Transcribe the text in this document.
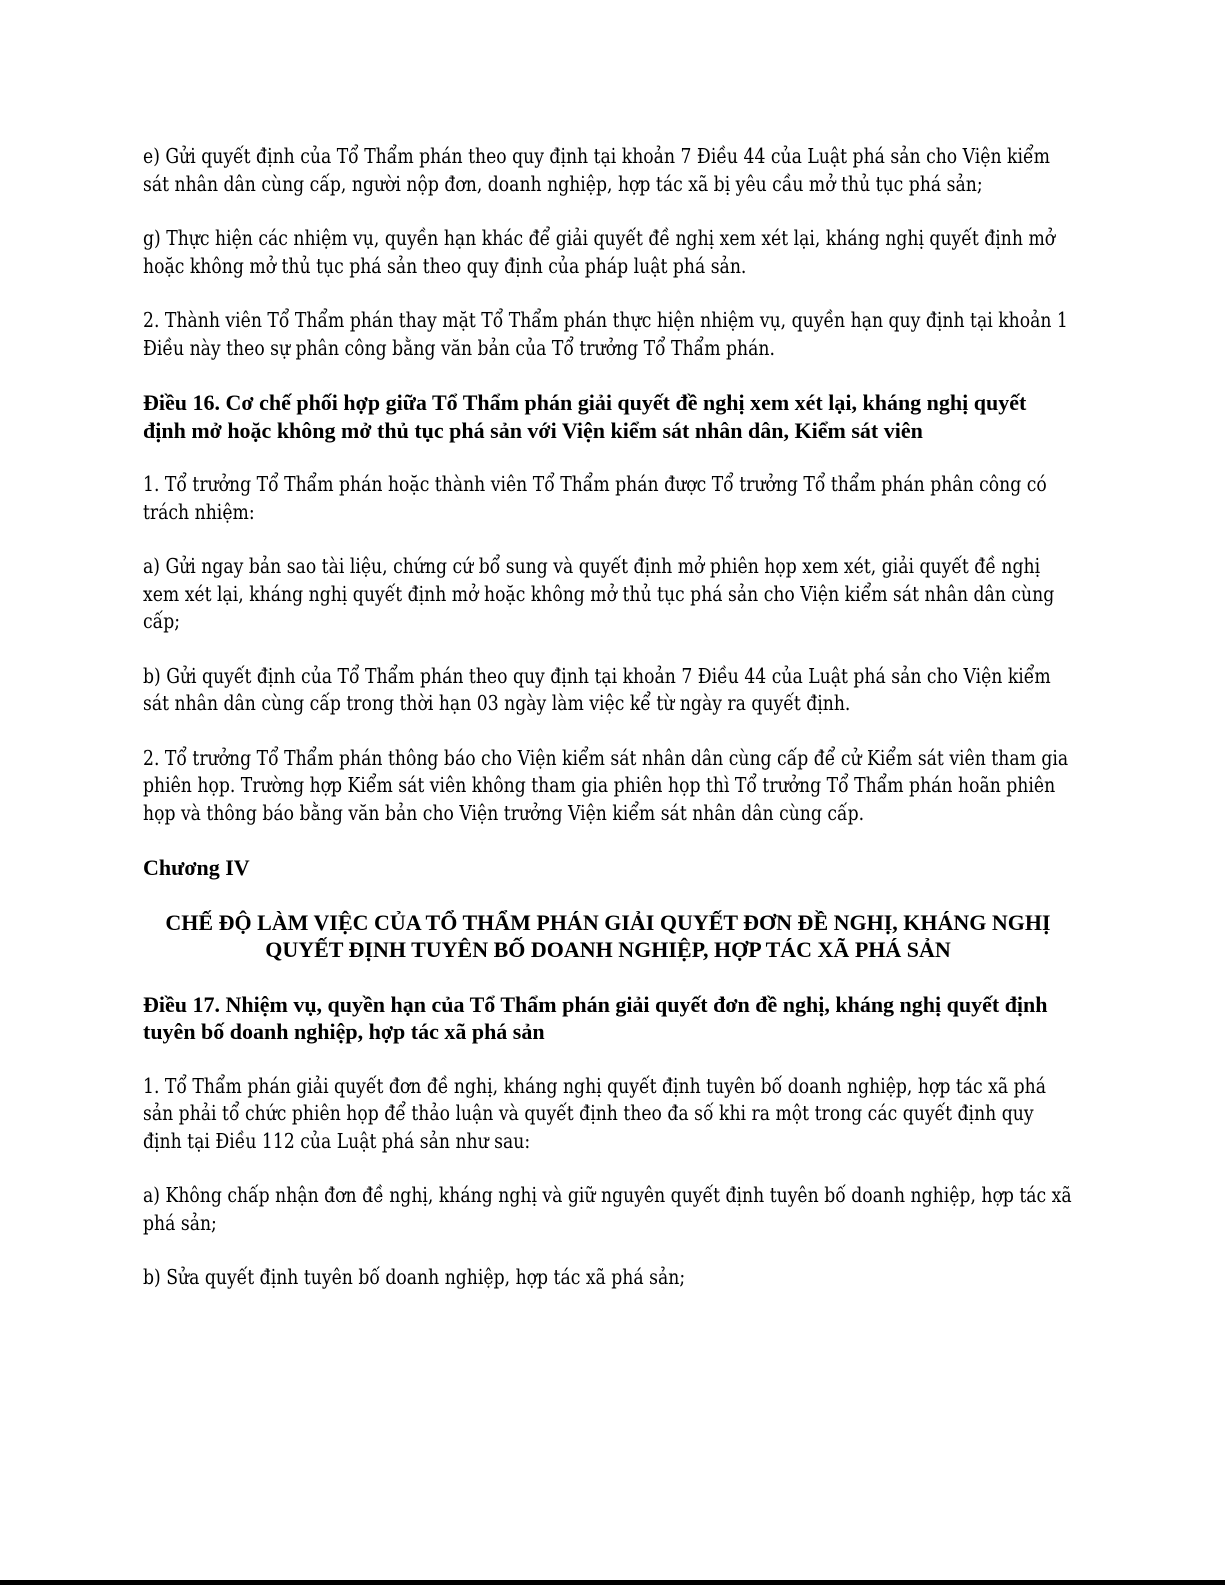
e) Gửi quyết định của Tổ Thẩm phán theo quy định tại khoản 7 Điều 44 của Luật phá sản cho Viện kiểm sát nhân dân cùng cấp, người nộp đơn, doanh nghiệp, hợp tác xã bị yêu cầu mở thủ tục phá sản;

g) Thực hiện các nhiệm vụ, quyền hạn khác để giải quyết đề nghị xem xét lại, kháng nghị quyết định mở hoặc không mở thủ tục phá sản theo quy định của pháp luật phá sản.

2. Thành viên Tổ Thẩm phán thay mặt Tổ Thẩm phán thực hiện nhiệm vụ, quyền hạn quy định tại khoản 1 Điều này theo sự phân công bằng văn bản của Tổ trưởng Tổ Thẩm phán.

Điều 16. Cơ chế phối hợp giữa Tổ Thẩm phán giải quyết đề nghị xem xét lại, kháng nghị quyết định mở hoặc không mở thủ tục phá sản với Viện kiểm sát nhân dân, Kiểm sát viên

1. Tổ trưởng Tổ Thẩm phán hoặc thành viên Tổ Thẩm phán được Tổ trưởng Tổ thẩm phán phân công có trách nhiệm:

a) Gửi ngay bản sao tài liệu, chứng cứ bổ sung và quyết định mở phiên họp xem xét, giải quyết đề nghị xem xét lại, kháng nghị quyết định mở hoặc không mở thủ tục phá sản cho Viện kiểm sát nhân dân cùng cấp;

b) Gửi quyết định của Tổ Thẩm phán theo quy định tại khoản 7 Điều 44 của Luật phá sản cho Viện kiểm sát nhân dân cùng cấp trong thời hạn 03 ngày làm việc kể từ ngày ra quyết định.

2. Tổ trưởng Tổ Thẩm phán thông báo cho Viện kiểm sát nhân dân cùng cấp để cử Kiểm sát viên tham gia phiên họp. Trường hợp Kiểm sát viên không tham gia phiên họp thì Tổ trưởng Tổ Thẩm phán hoãn phiên họp và thông báo bằng văn bản cho Viện trưởng Viện kiểm sát nhân dân cùng cấp.

Chương IV

CHẾ ĐỘ LÀM VIỆC CỦA TỔ THẨM PHÁN GIẢI QUYẾT ĐƠN ĐỀ NGHỊ, KHÁNG NGHỊ QUYẾT ĐỊNH TUYÊN BỐ DOANH NGHIỆP, HỢP TÁC XÃ PHÁ SẢN

Điều 17. Nhiệm vụ, quyền hạn của Tổ Thẩm phán giải quyết đơn đề nghị, kháng nghị quyết định tuyên bố doanh nghiệp, hợp tác xã phá sản

1. Tổ Thẩm phán giải quyết đơn đề nghị, kháng nghị quyết định tuyên bố doanh nghiệp, hợp tác xã phá sản phải tổ chức phiên họp để thảo luận và quyết định theo đa số khi ra một trong các quyết định quy định tại Điều 112 của Luật phá sản như sau:

a) Không chấp nhận đơn đề nghị, kháng nghị và giữ nguyên quyết định tuyên bố doanh nghiệp, hợp tác xã phá sản;

b) Sửa quyết định tuyên bố doanh nghiệp, hợp tác xã phá sản;
